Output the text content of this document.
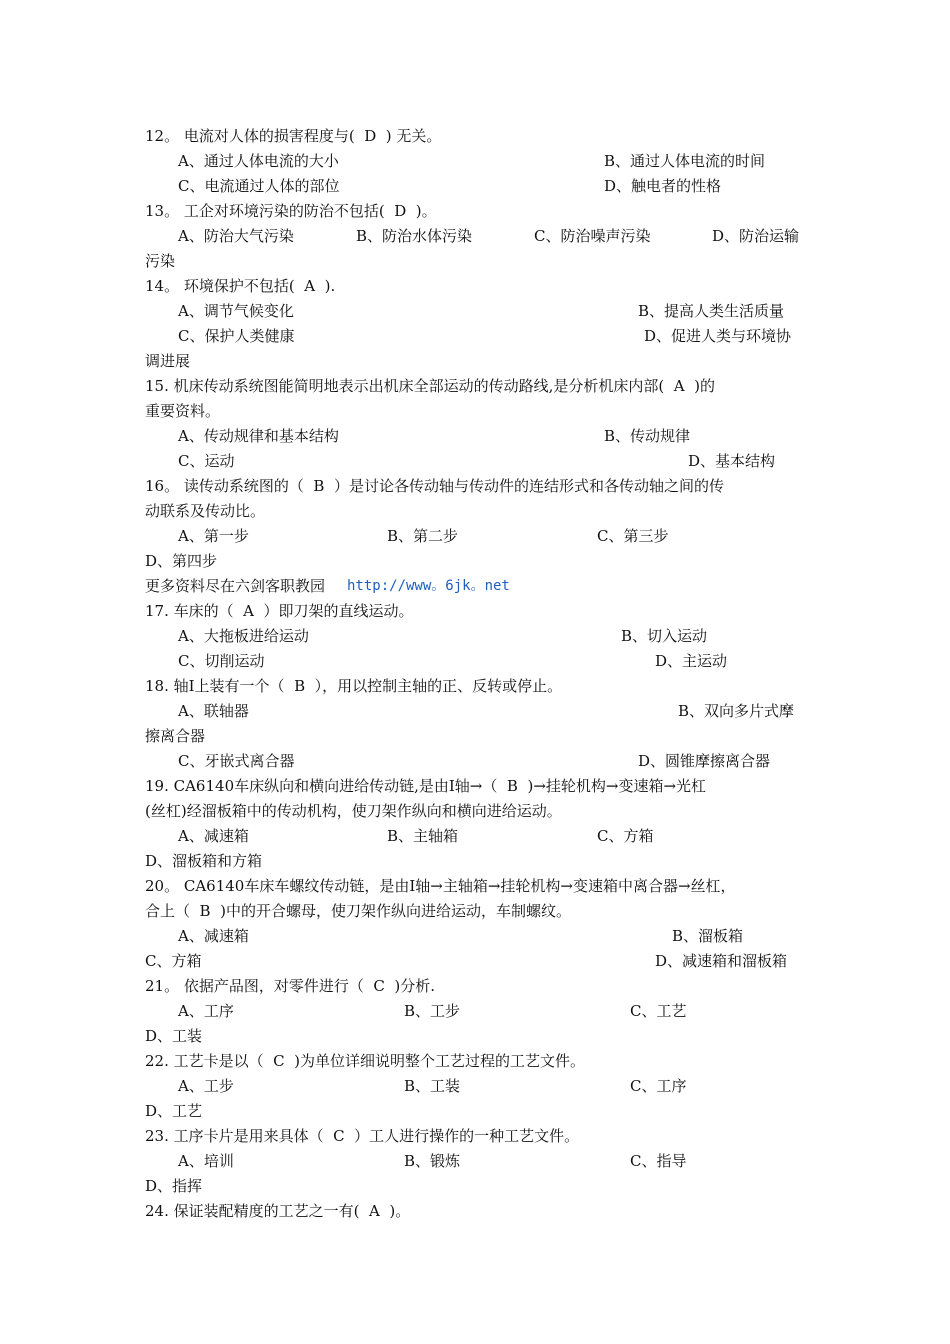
12。 电流对人体的损害程度与(  D  ) 无关。
A、通过人体电流的大小	B、通过人体电流的时间
C、电流通过人体的部位	D、触电者的性格
13。 工企对环境污染的防治不包括(  D  )。
A、防治大气污染	B、防治水体污染	C、防治噪声污染	D、防治运输
污染
14。 环境保护不包括(  A  ).
A、调节气候变化	B、提高人类生活质量
C、保护人类健康	D、促进人类与环境协
调进展
15. 机床传动系统图能简明地表示出机床全部运动的传动路线,是分析机床内部(  A  )的
重要资料。
A、传动规律和基本结构	B、传动规律
C、运动	D、基本结构
16。 读传动系统图的（  B  ）是讨论各传动轴与传动件的连结形式和各传动轴之间的传
动联系及传动比。
A、第一步	B、第二步	C、第三步
D、第四步
更多资料尽在六剑客职教园 http://www。6jk。net
17. 车床的（  A  ）即刀架的直线运动。
A、大拖板进给运动	B、切入运动
C、切削运动	D、主运动
18. 轴Ⅰ上装有一个（  B  ），用以控制主轴的正、反转或停止。
A、联轴器	B、双向多片式摩
擦离合器
C、牙嵌式离合器	D、圆锥摩擦离合器
19. CA6140车床纵向和横向进给传动链,是由Ⅰ轴→（  B  )→挂轮机构→变速箱→光杠
(丝杠)经溜板箱中的传动机构，使刀架作纵向和横向进给运动。
A、减速箱	B、主轴箱	C、方箱
D、溜板箱和方箱
20。 CA6140车床车螺纹传动链，是由Ⅰ轴→主轴箱→挂轮机构→变速箱中离合器→丝杠，
合上（  B  )中的开合螺母，使刀架作纵向进给运动，车制螺纹。
A、减速箱	B、溜板箱
C、方箱	D、减速箱和溜板箱
21。 依据产品图，对零件进行（  C  )分析.
A、工序	B、工步	C、工艺
D、工装
22. 工艺卡是以（  C  )为单位详细说明整个工艺过程的工艺文件。
A、工步	B、工装	C、工序
D、工艺
23. 工序卡片是用来具体（  C  ）工人进行操作的一种工艺文件。
A、培训	B、锻炼	C、指导
D、指挥
24. 保证装配精度的工艺之一有(  A  )。
